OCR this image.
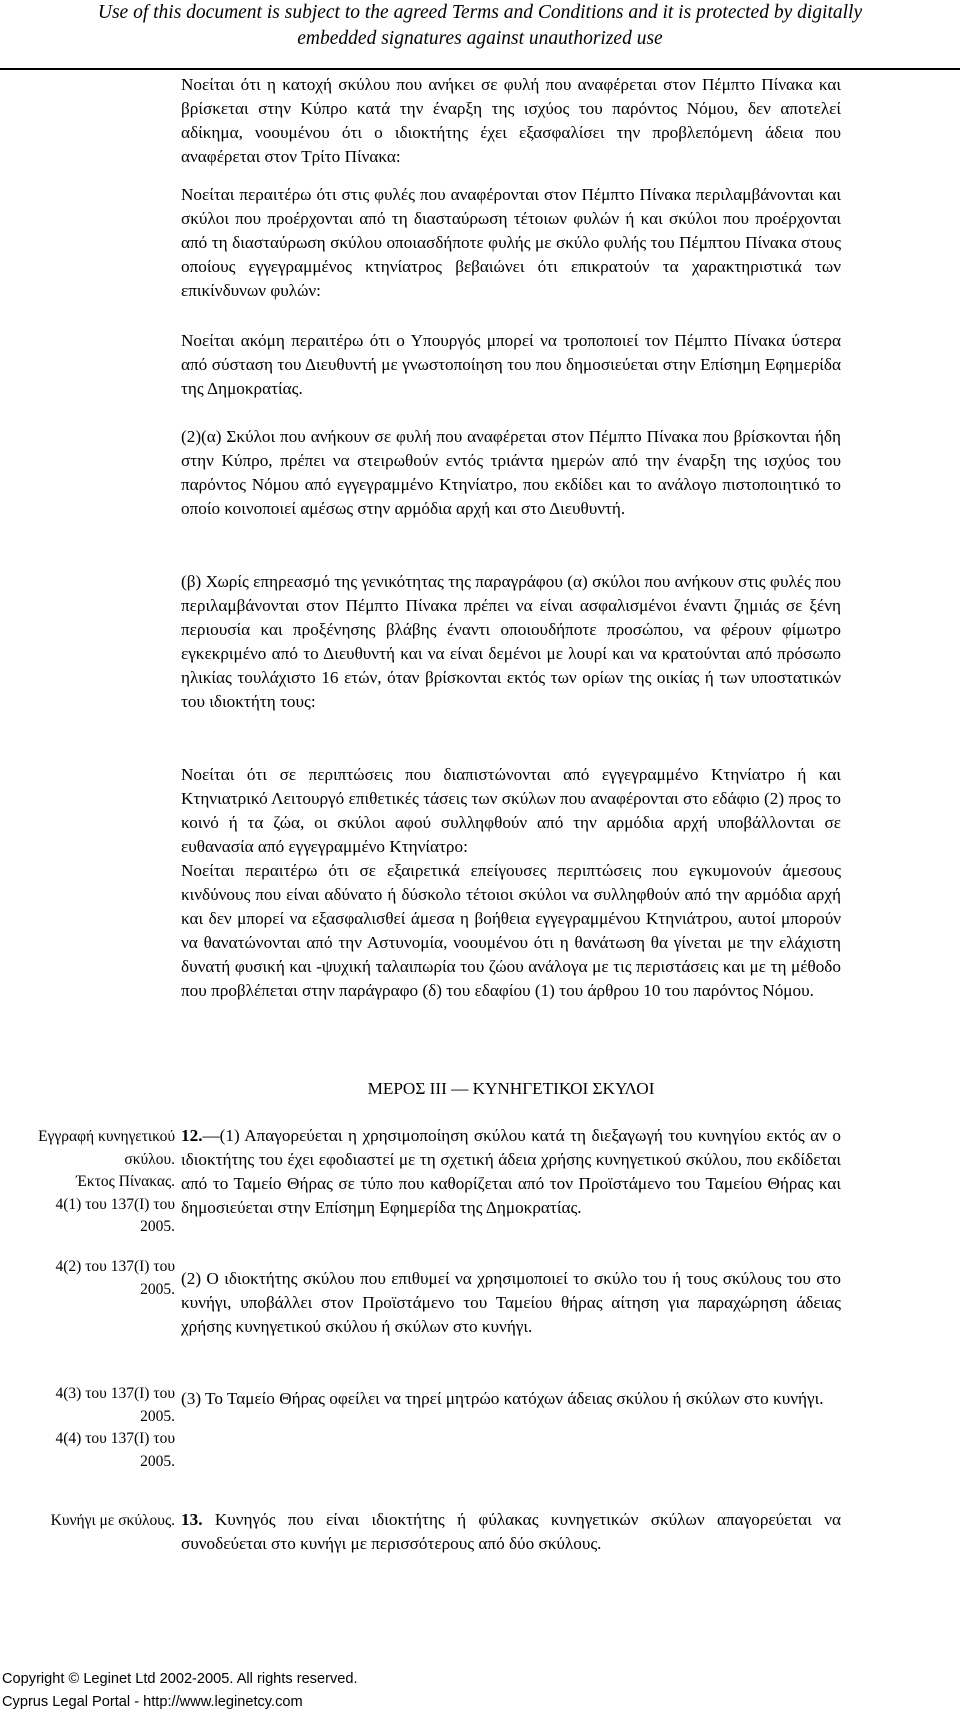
Use of this document is subject to the agreed Terms and Conditions and it is protected by digitally
embedded signatures against unauthorized use

Νοείται ότι η κατοχή σκύλου που ανήκει σε φυλή που αναφέρεται στον Πέμπτο Πίνακα και βρίσκεται στην Κύπρο κατά την έναρξη της ισχύος του παρόντος Νόμου, δεν αποτελεί αδίκημα, νοουμένου ότι ο ιδιοκτήτης έχει εξασφαλίσει την προβλεπόμενη άδεια που αναφέρεται στον Τρίτο Πίνακα:

Νοείται περαιτέρω ότι στις φυλές που αναφέρονται στον Πέμπτο Πίνακα περιλαμβάνονται και σκύλοι που προέρχονται από τη διασταύρωση τέτοιων φυλών ή και σκύλοι που προέρχονται από τη διασταύρωση σκύλου οποιασδήποτε φυλής με σκύλο φυλής του Πέμπτου Πίνακα στους οποίους εγγεγραμμένος κτηνίατρος βεβαιώνει ότι επικρατούν τα χαρακτηριστικά των επικίνδυνων φυλών:

Νοείται ακόμη περαιτέρω ότι ο Υπουργός μπορεί να τροποποιεί τον Πέμπτο Πίνακα ύστερα από σύσταση του Διευθυντή με γνωστοποίηση του που δημοσιεύεται στην Επίσημη Εφημερίδα της Δημοκρατίας.

(2)(α) Σκύλοι που ανήκουν σε φυλή που αναφέρεται στον Πέμπτο Πίνακα που βρίσκονται ήδη στην Κύπρο, πρέπει να στειρωθούν εντός τριάντα ημερών από την έναρξη της ισχύος του παρόντος Νόμου από εγγεγραμμένο Κτηνίατρο, που εκδίδει και το ανάλογο πιστοποιητικό το οποίο κοινοποιεί αμέσως στην αρμόδια αρχή και στο Διευθυντή.

(β) Χωρίς επηρεασμό της γενικότητας της παραγράφου (α) σκύλοι που ανήκουν στις φυλές που περιλαμβάνονται στον Πέμπτο Πίνακα πρέπει να είναι ασφαλισμένοι έναντι ζημιάς σε ξένη περιουσία και προξένησης βλάβης έναντι οποιουδήποτε προσώπου, να φέρουν φίμωτρο εγκεκριμένο από το Διευθυντή και να είναι δεμένοι με λουρί και να κρατούνται από πρόσωπο ηλικίας τουλάχιστο 16 ετών, όταν βρίσκονται εκτός των ορίων της οικίας ή των υποστατικών του ιδιοκτήτη τους:

Νοείται ότι σε περιπτώσεις που διαπιστώνονται από εγγεγραμμένο Κτηνίατρο ή και Κτηνιατρικό Λειτουργό επιθετικές τάσεις των σκύλων που αναφέρονται στο εδάφιο (2) προς το κοινό ή τα ζώα, οι σκύλοι αφού συλληφθούν από την αρμόδια αρχή υποβάλλονται σε ευθανασία από εγγεγραμμένο Κτηνίατρο:

Νοείται περαιτέρω ότι σε εξαιρετικά επείγουσες περιπτώσεις που εγκυμονούν άμεσους κινδύνους που είναι αδύνατο ή δύσκολο τέτοιοι σκύλοι να συλληφθούν από την αρμόδια αρχή και δεν μπορεί να εξασφαλισθεί άμεσα η βοήθεια εγγεγραμμένου Κτηνιάτρου, αυτοί μπορούν να θανατώνονται από την Αστυνομία, νοουμένου ότι η θανάτωση θα γίνεται με την ελάχιστη δυνατή φυσική και -ψυχική ταλαιπωρία του ζώου ανάλογα με τις περιστάσεις και με τη μέθοδο που προβλέπεται στην παράγραφο (δ) του εδαφίου (1) του άρθρου 10 του παρόντος Νόμου.

ΜΕΡΟΣ ΙΙΙ — ΚΥΝΗΓΕΤΙΚΟΙ ΣΚΥΛΟΙ

12.—(1) Απαγορεύεται η χρησιμοποίηση σκύλου κατά τη διεξαγωγή του κυνηγίου εκτός αν ο ιδιοκτήτης του έχει εφοδιαστεί με τη σχετική άδεια χρήσης κυνηγετικού σκύλου, που εκδίδεται από το Ταμείο Θήρας σε τύπο που καθορίζεται από τον Προϊστάμενο του Ταμείου Θήρας και δημοσιεύεται στην Επίσημη Εφημερίδα της Δημοκρατίας.

(2) Ο ιδιοκτήτης σκύλου που επιθυμεί να χρησιμοποιεί το σκύλο του ή τους σκύλους του στο κυνήγι, υποβάλλει στον Προϊστάμενο του Ταμείου θήρας αίτηση για παραχώρηση άδειας χρήσης κυνηγετικού σκύλου ή σκύλων στο κυνήγι.

(3) Το Ταμείο Θήρας οφείλει να τηρεί μητρώο κατόχων άδειας σκύλου ή σκύλων στο κυνήγι.

13. Κυνηγός που είναι ιδιοκτήτης ή φύλακας κυνηγετικών σκύλων απαγορεύεται να συνοδεύεται στο κυνήγι με περισσότερους από δύο σκύλους.

Εγγραφή κυνηγετικού
σκύλου.
Έκτος Πίνακας.
4(1) του 137(Ι) του
2005.
4(2) του 137(Ι) του
2005.
4(3) του 137(Ι) του
2005.
4(4) του 137(Ι) του
2005.
Κυνήγι με σκύλους.
Copyright © Leginet Ltd 2002-2005. All rights reserved.
Cyprus Legal Portal - http://www.leginetcy.com
